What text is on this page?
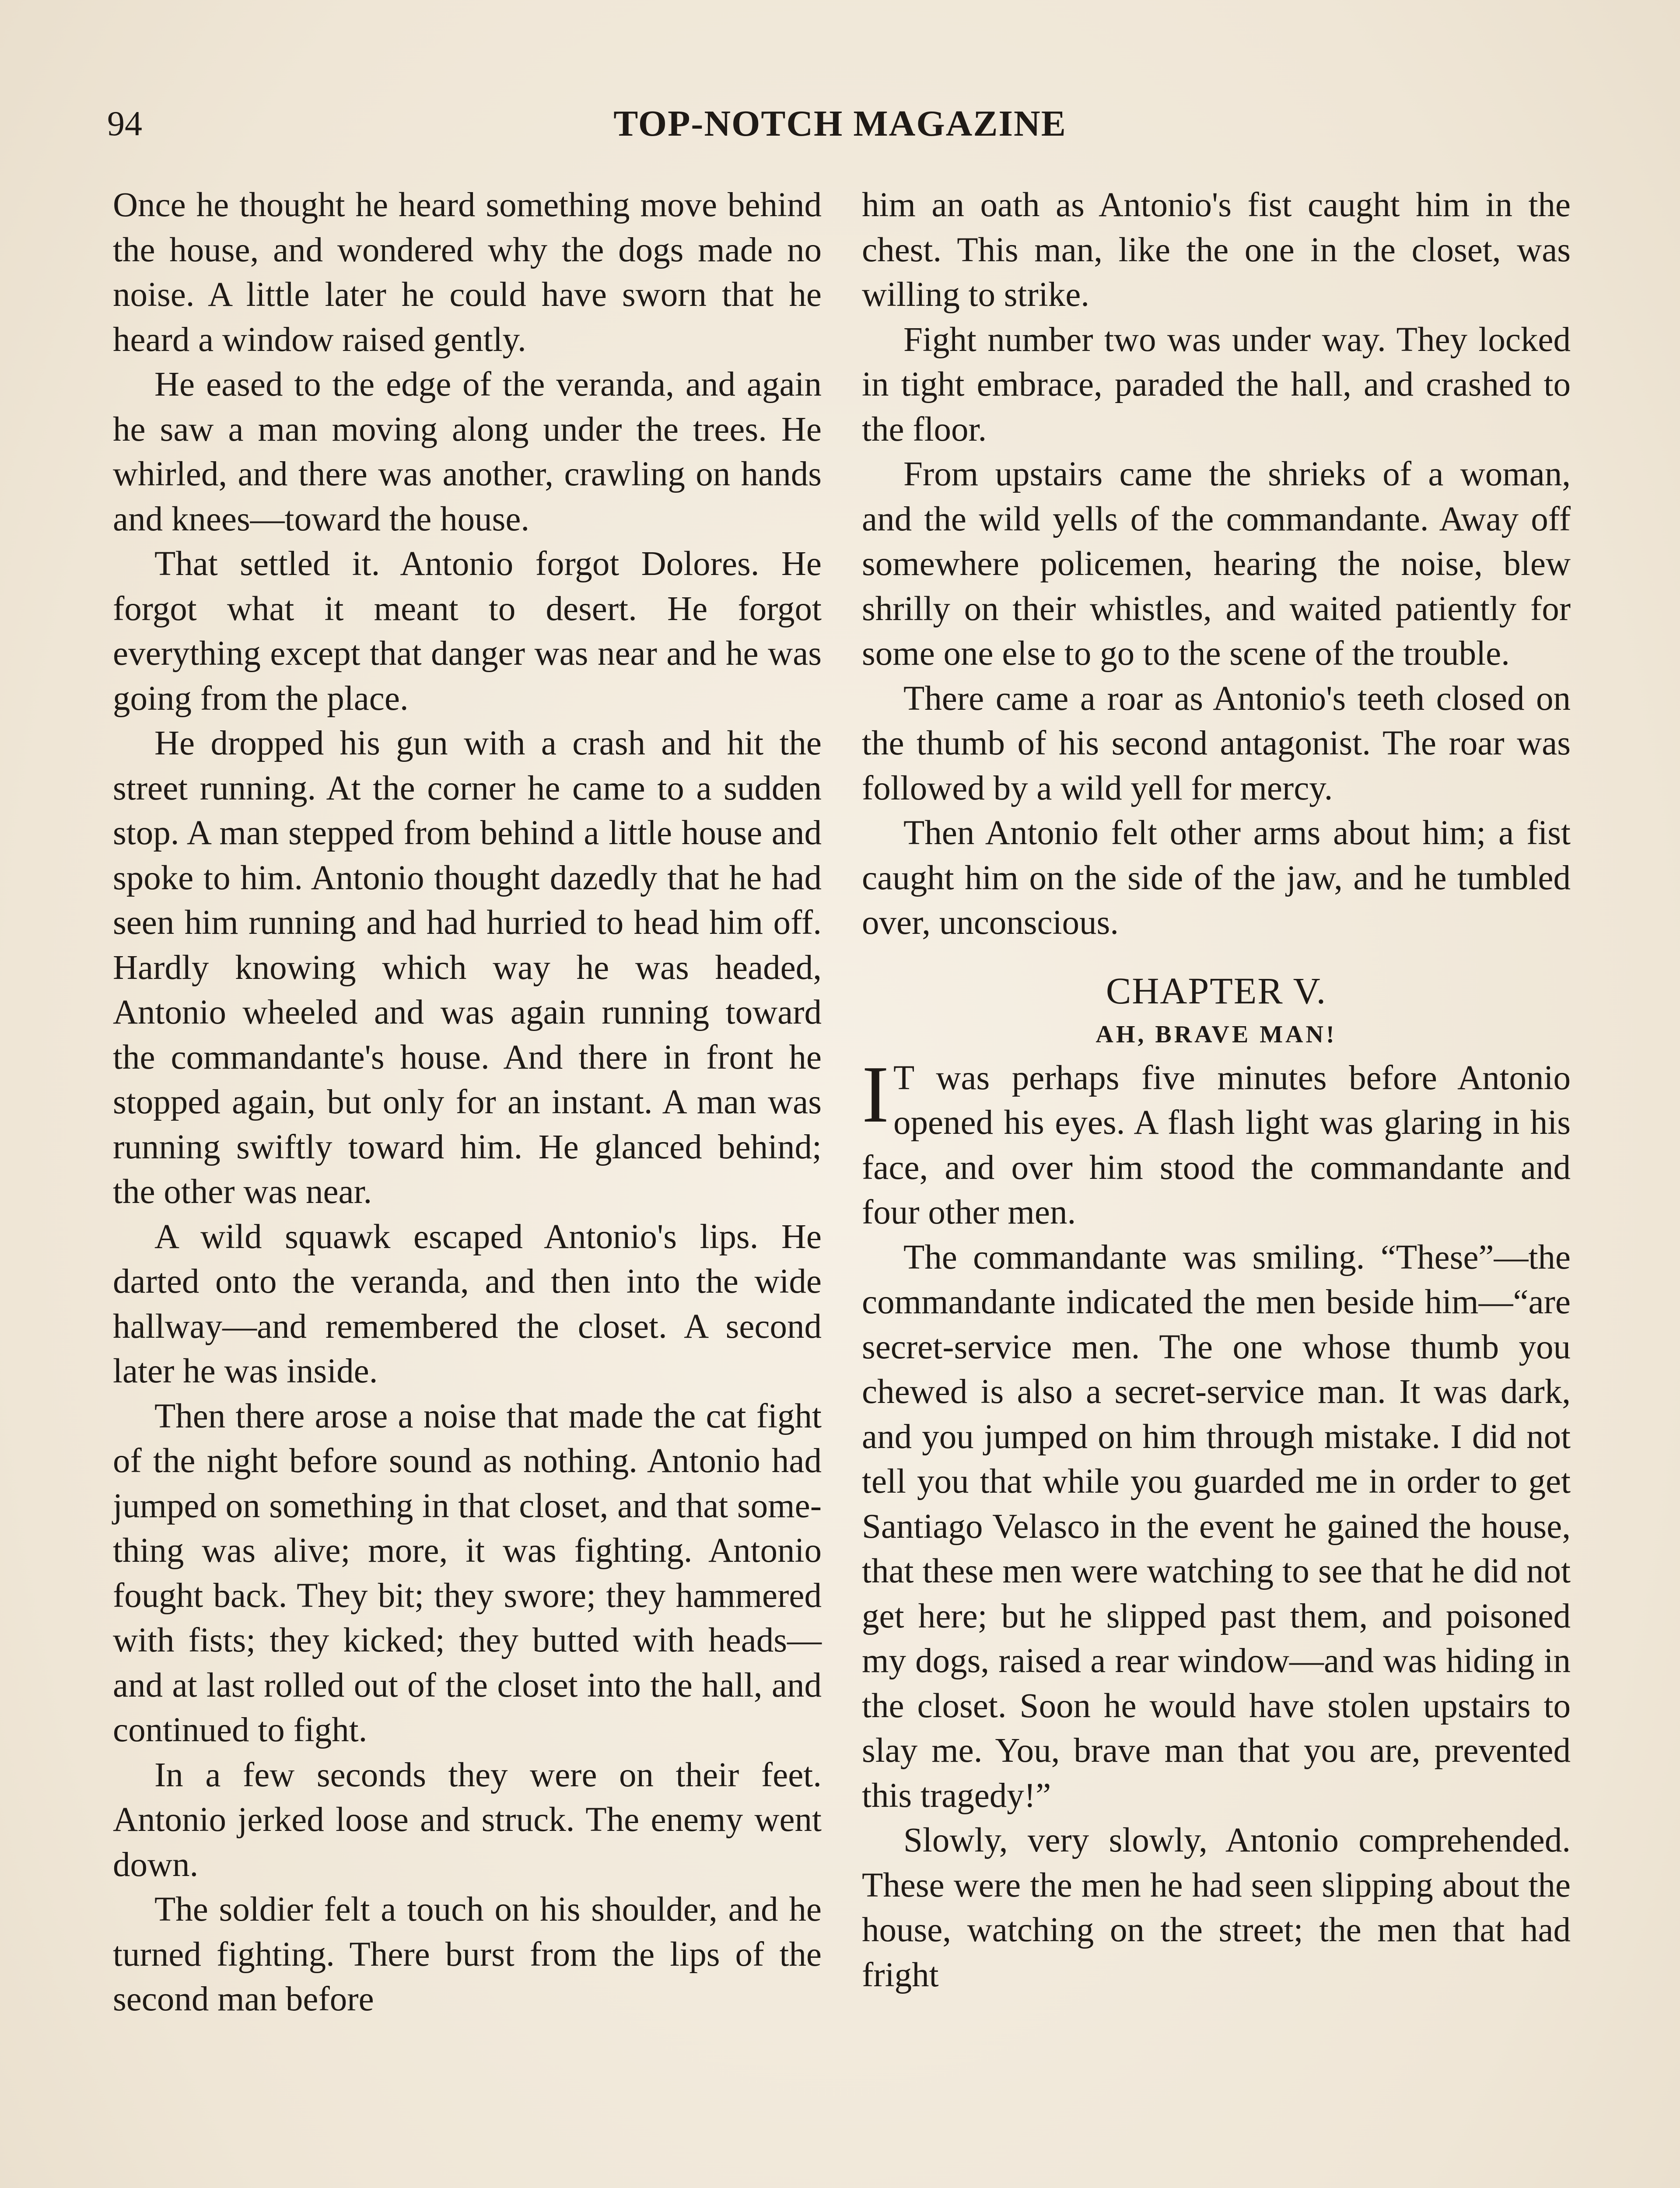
94	TOP-NOTCH MAGAZINE

Once he thought he heard something move behind the house, and wondered why the dogs made no noise. A little later he could have sworn that he heard a window raised gently.

He eased to the edge of the veranda, and again he saw a man moving along under the trees. He whirled, and there was another, crawling on hands and knees—toward the house.

That settled it. Antonio forgot Dolores. He forgot what it meant to desert. He forgot everything except that danger was near and he was going from the place.

He dropped his gun with a crash and hit the street running. At the corner he came to a sudden stop. A man stepped from behind a little house and spoke to him. Antonio thought dazedly that he had seen him running and had hurried to head him off. Hardly knowing which way he was headed, Antonio wheeled and was again running toward the commandante's house. And there in front he stopped again, but only for an instant. A man was running swiftly toward him. He glanced behind; the other was near.

A wild squawk escaped Antonio's lips. He darted onto the veranda, and then into the wide hallway—and remembered the closet. A second later he was inside.

Then there arose a noise that made the cat fight of the night before sound as nothing. Antonio had jumped on something in that closet, and that something was alive; more, it was fighting. Antonio fought back. They bit; they swore; they hammered with fists; they kicked; they butted with heads—and at last rolled out of the closet into the hall, and continued to fight.

In a few seconds they were on their feet. Antonio jerked loose and struck. The enemy went down.

The soldier felt a touch on his shoulder, and he turned fighting. There burst from the lips of the second man before

him an oath as Antonio's fist caught him in the chest. This man, like the one in the closet, was willing to strike.

Fight number two was under way. They locked in tight embrace, paraded the hall, and crashed to the floor.

From upstairs came the shrieks of a woman, and the wild yells of the commandante. Away off somewhere policemen, hearing the noise, blew shrilly on their whistles, and waited patiently for some one else to go to the scene of the trouble.

There came a roar as Antonio's teeth closed on the thumb of his second antagonist. The roar was followed by a wild yell for mercy.

Then Antonio felt other arms about him; a fist caught him on the side of the jaw, and he tumbled over, unconscious.

CHAPTER V.
AH, BRAVE MAN!

I T was perhaps five minutes before Antonio opened his eyes. A flash light was glaring in his face, and over him stood the commandante and four other men.

The commandante was smiling. “These”—the commandante indicated the men beside him—“are secret-service men. The one whose thumb you chewed is also a secret-service man. It was dark, and you jumped on him through mistake. I did not tell you that while you guarded me in order to get Santiago Velasco in the event he gained the house, that these men were watching to see that he did not get here; but he slipped past them, and poisoned my dogs, raised a rear window—and was hiding in the closet. Soon he would have stolen upstairs to slay me. You, brave man that you are, prevented this tragedy!”

Slowly, very slowly, Antonio comprehended. These were the men he had seen slipping about the house, watching on the street; the men that had fright
